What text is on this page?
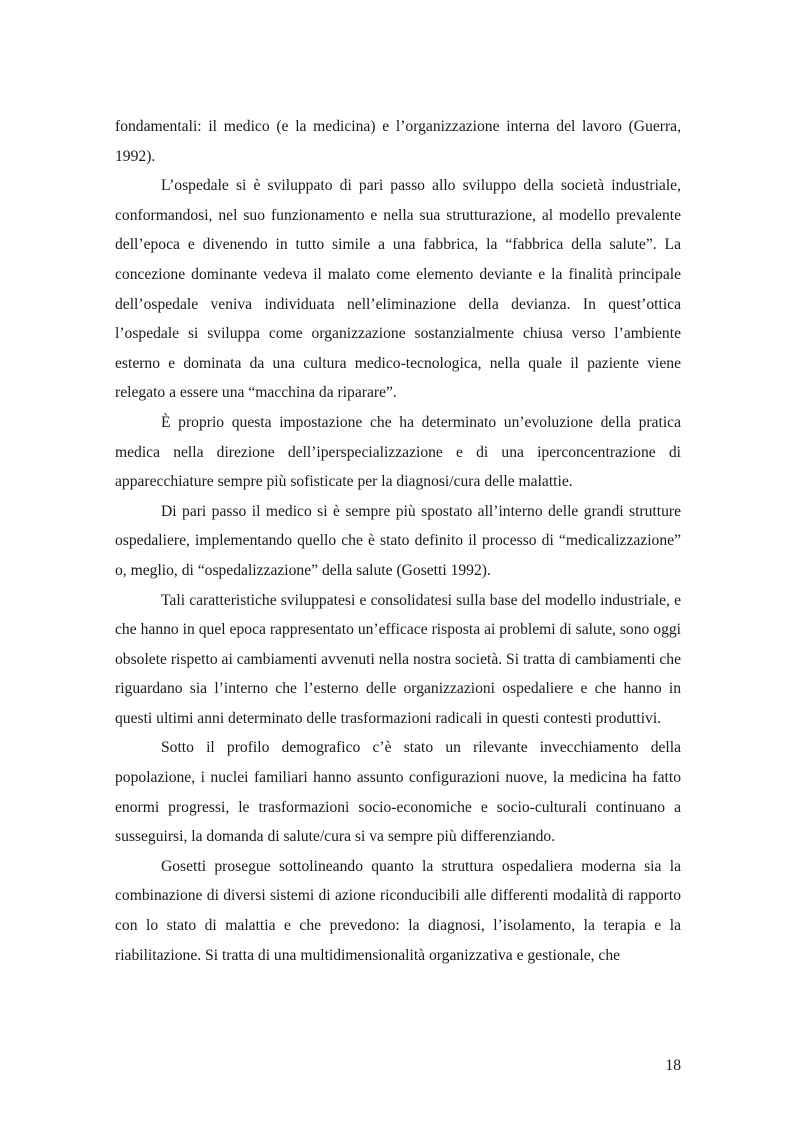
fondamentali: il medico (e la medicina) e l’organizzazione interna del lavoro (Guerra, 1992).

L’ospedale si è sviluppato di pari passo allo sviluppo della società industriale, conformandosi, nel suo funzionamento e nella sua strutturazione, al modello prevalente dell’epoca e divenendo in tutto simile a una fabbrica, la “fabbrica della salute”. La concezione dominante vedeva il malato come elemento deviante e la finalità principale dell’ospedale veniva individuata nell’eliminazione della devianza. In quest’ottica l’ospedale si sviluppa come organizzazione sostanzialmente chiusa verso l’ambiente esterno e dominata da una cultura medico-tecnologica, nella quale il paziente viene relegato a essere una “macchina da riparare”.

È proprio questa impostazione che ha determinato un’evoluzione della pratica medica nella direzione dell’iperspecializzazione e di una iperconcentrazione di apparecchiature sempre più sofisticate per la diagnosi/cura delle malattie.

Di pari passo il medico si è sempre più spostato all’interno delle grandi strutture ospedaliere, implementando quello che è stato definito il processo di “medicalizzazione” o, meglio, di “ospedalizzazione” della salute (Gosetti 1992).

Tali caratteristiche sviluppatesi e consolidatesi sulla base del modello industriale, e che hanno in quel epoca rappresentato un’efficace risposta ai problemi di salute, sono oggi obsolete rispetto ai cambiamenti avvenuti nella nostra società. Si tratta di cambiamenti che riguardano sia l’interno che l’esterno delle organizzazioni ospedaliere e che hanno in questi ultimi anni determinato delle trasformazioni radicali in questi contesti produttivi.

Sotto il profilo demografico c’è stato un rilevante invecchiamento della popolazione, i nuclei familiari hanno assunto configurazioni nuove, la medicina ha fatto enormi progressi, le trasformazioni socio-economiche e socio-culturali continuano a susseguirsi, la domanda di salute/cura si va sempre più differenziando.

Gosetti prosegue sottolineando quanto la struttura ospedaliera moderna sia la combinazione di diversi sistemi di azione riconducibili alle differenti modalità di rapporto con lo stato di malattia e che prevedono: la diagnosi, l’isolamento, la terapia e la riabilitazione. Si tratta di una multidimensionalità organizzativa e gestionale, che

18
